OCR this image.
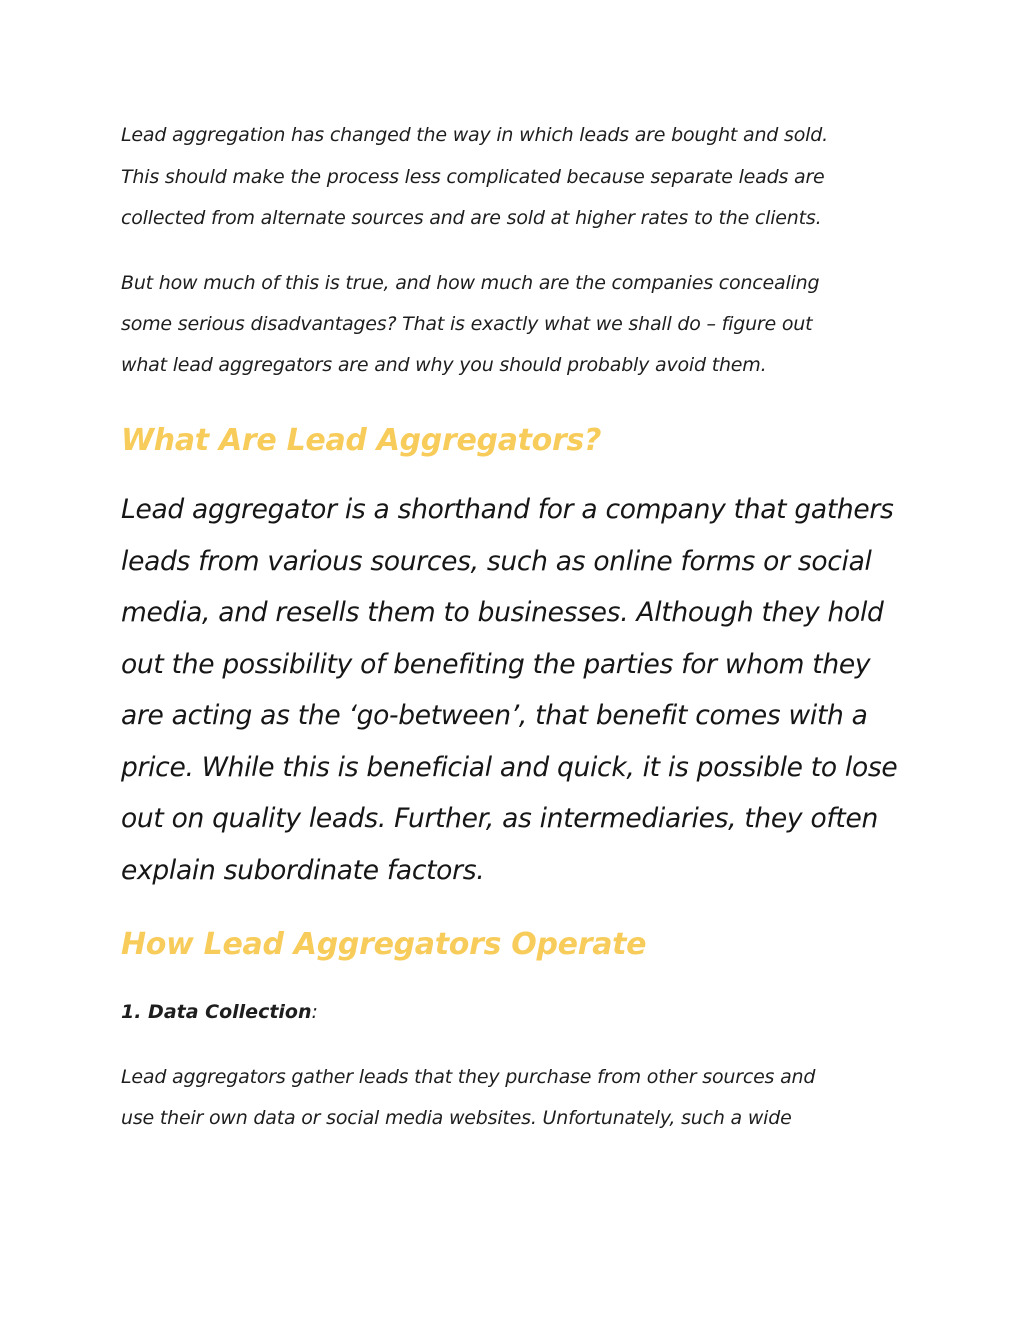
Lead aggregation has changed the way in which leads are bought and sold.
This should make the process less complicated because separate leads are
collected from alternate sources and are sold at higher rates to the clients.
But how much of this is true, and how much are the companies concealing
some serious disadvantages? That is exactly what we shall do – figure out
what lead aggregators are and why you should probably avoid them.
What Are Lead Aggregators?
Lead aggregator is a shorthand for a company that gathers
leads from various sources, such as online forms or social
media, and resells them to businesses. Although they hold
out the possibility of benefiting the parties for whom they
are acting as the ‘go-between’, that benefit comes with a
price. While this is beneficial and quick, it is possible to lose
out on quality leads. Further, as intermediaries, they often
explain subordinate factors.
How Lead Aggregators Operate
1. Data Collection:
Lead aggregators gather leads that they purchase from other sources and
use their own data or social media websites. Unfortunately, such a wide
